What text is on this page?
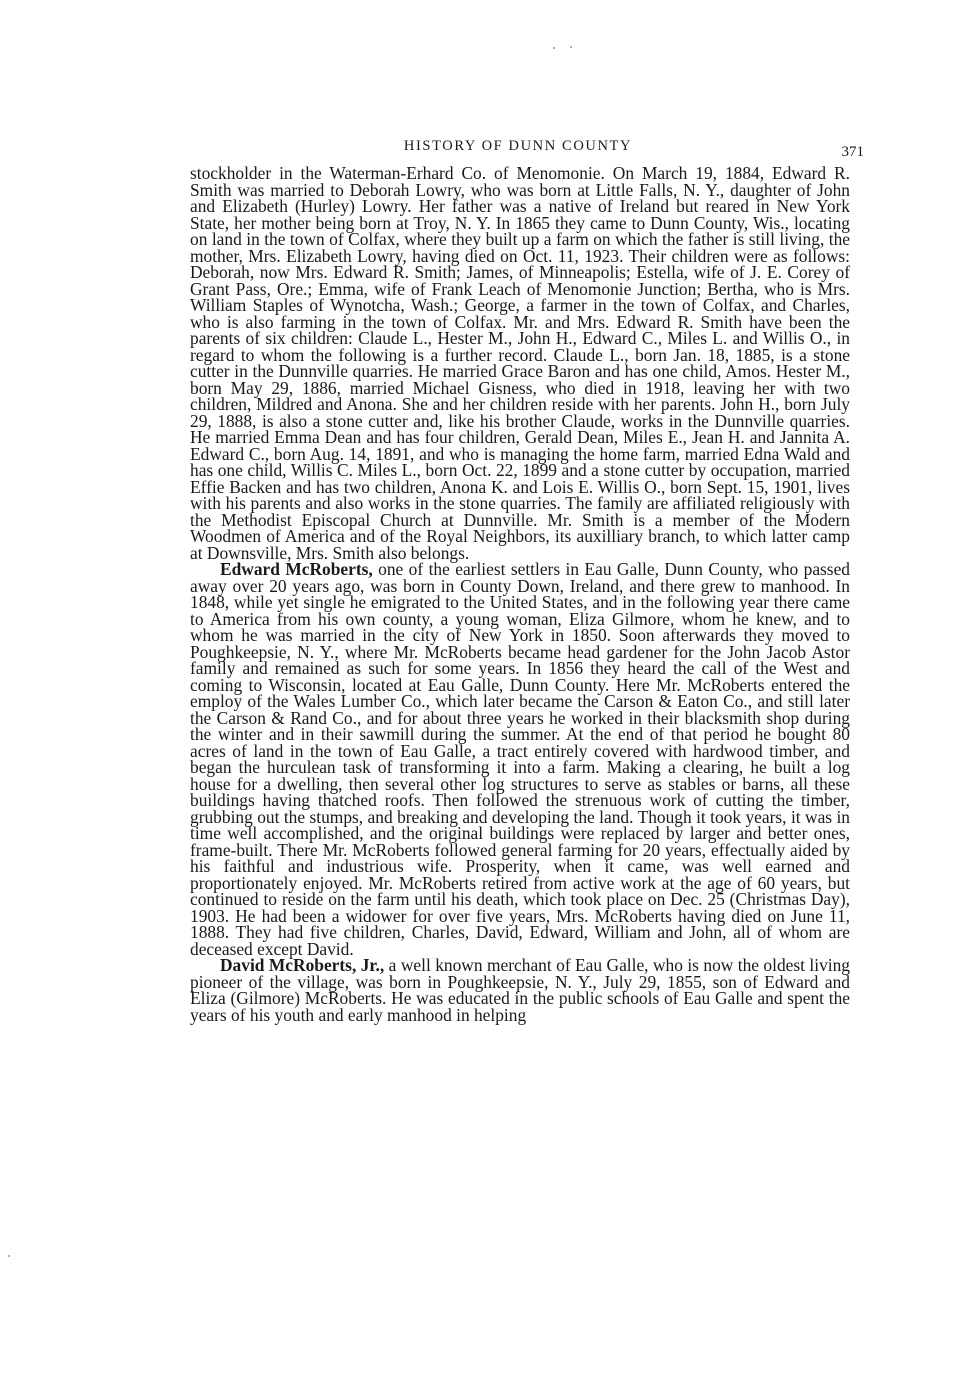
HISTORY OF DUNN COUNTY	371

stockholder in the Waterman-Erhard Co. of Menomonie. On March 19, 1884, Edward R. Smith was married to Deborah Lowry, who was born at Little Falls, N. Y., daughter of John and Elizabeth (Hurley) Lowry. Her father was a native of Ireland but reared in New York State, her mother being born at Troy, N. Y. In 1865 they came to Dunn County, Wis., locating on land in the town of Colfax, where they built up a farm on which the father is still living, the mother, Mrs. Elizabeth Lowry, having died on Oct. 11, 1923. Their children were as follows: Deborah, now Mrs. Edward R. Smith; James, of Minneapolis; Estella, wife of J. E. Corey of Grant Pass, Ore.; Emma, wife of Frank Leach of Menomonie Junction; Bertha, who is Mrs. William Staples of Wynotcha, Wash.; George, a farmer in the town of Colfax, and Charles, who is also farming in the town of Colfax. Mr. and Mrs. Edward R. Smith have been the parents of six children: Claude L., Hester M., John H., Edward C., Miles L. and Willis O., in regard to whom the following is a further record. Claude L., born Jan. 18, 1885, is a stone cutter in the Dunnville quarries. He married Grace Baron and has one child, Amos. Hester M., born May 29, 1886, married Michael Gisness, who died in 1918, leaving her with two children, Mildred and Anona. She and her children reside with her parents. John H., born July 29, 1888, is also a stone cutter and, like his brother Claude, works in the Dunnville quarries. He married Emma Dean and has four children, Gerald Dean, Miles E., Jean H. and Jannita A. Edward C., born Aug. 14, 1891, and who is managing the home farm, married Edna Wald and has one child, Willis C. Miles L., born Oct. 22, 1899 and a stone cutter by occupation, married Effie Backen and has two children, Anona K. and Lois E. Willis O., born Sept. 15, 1901, lives with his parents and also works in the stone quarries. The family are affiliated religiously with the Methodist Episcopal Church at Dunnville. Mr. Smith is a member of the Modern Woodmen of America and of the Royal Neighbors, its auxilliary branch, to which latter camp at Downsville, Mrs. Smith also belongs.

Edward McRoberts, one of the earliest settlers in Eau Galle, Dunn County, who passed away over 20 years ago, was born in County Down, Ireland, and there grew to manhood. In 1848, while yet single he emigrated to the United States, and in the following year there came to America from his own county, a young woman, Eliza Gilmore, whom he knew, and to whom he was married in the city of New York in 1850. Soon afterwards they moved to Poughkeepsie, N. Y., where Mr. McRoberts became head gardener for the John Jacob Astor family and remained as such for some years. In 1856 they heard the call of the West and coming to Wisconsin, located at Eau Galle, Dunn County. Here Mr. McRoberts entered the employ of the Wales Lumber Co., which later became the Carson & Eaton Co., and still later the Carson & Rand Co., and for about three years he worked in their blacksmith shop during the winter and in their sawmill during the summer. At the end of that period he bought 80 acres of land in the town of Eau Galle, a tract entirely covered with hardwood timber, and began the hurculean task of transforming it into a farm. Making a clearing, he built a log house for a dwelling, then several other log structures to serve as stables or barns, all these buildings having thatched roofs. Then followed the strenuous work of cutting the timber, grubbing out the stumps, and breaking and developing the land. Though it took years, it was in time well accomplished, and the original buildings were replaced by larger and better ones, frame-built. There Mr. McRoberts followed general farming for 20 years, effectually aided by his faithful and industrious wife. Prosperity, when it came, was well earned and proportionately enjoyed. Mr. McRoberts retired from active work at the age of 60 years, but continued to reside on the farm until his death, which took place on Dec. 25 (Christmas Day), 1903. He had been a widower for over five years, Mrs. McRoberts having died on June 11, 1888. They had five children, Charles, David, Edward, William and John, all of whom are deceased except David.

David McRoberts, Jr., a well known merchant of Eau Galle, who is now the oldest living pioneer of the village, was born in Poughkeepsie, N. Y., July 29, 1855, son of Edward and Eliza (Gilmore) McRoberts. He was educated in the public schools of Eau Galle and spent the years of his youth and early manhood in helping
